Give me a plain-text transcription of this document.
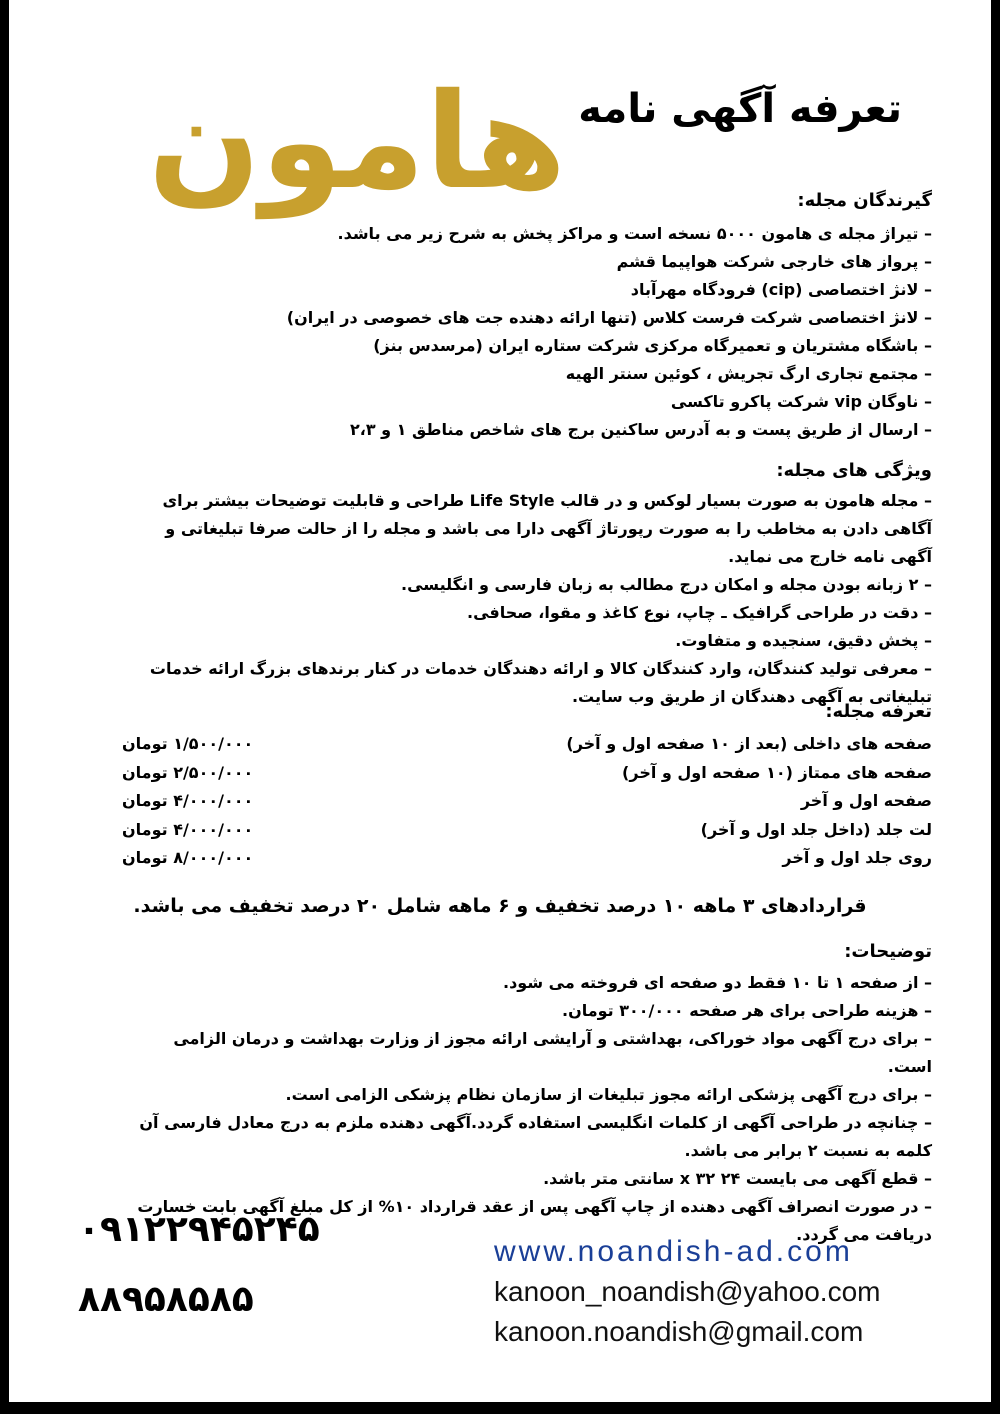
تعرفه آگهی نامه
هامون	گیرندگان مجله:
– تیراژ مجله ی هامون ۵۰۰۰ نسخه است و مراکز پخش به شرح زیر می باشد.
– پرواز های خارجی شرکت هواپیما قشم
– لانژ اختصاصی (cip) فرودگاه مهرآباد
– لانژ اختصاصی شرکت فرست کلاس (تنها ارائه دهنده جت های خصوصی در ایران)
– باشگاه مشتریان و تعمیرگاه مرکزی شرکت ستاره ایران (مرسدس بنز)
– مجتمع تجاری ارگ تجریش ، کوئین سنتر الهیه
– ناوگان vip شرکت پاکرو تاکسی
– ارسال از طریق پست و به آدرس ساکنین برج های شاخص مناطق ۱ و ۲،۳
ویژگی های مجله:
– مجله هامون به صورت بسیار لوکس و در قالب Life Style طراحی و قابلیت توضیحات بیشتر برای آگاهی دادن به مخاطب را به صورت رپورتاژ آگهی دارا می باشد و مجله را از حالت صرفا تبلیغاتی و آگهی نامه خارج می نماید.
– ۲ زبانه بودن مجله و امکان درج مطالب به زبان فارسی و انگلیسی.
– دقت در طراحی گرافیک ـ چاپ، نوع کاغذ و مقوا، صحافی.
– پخش دقیق، سنجیده و متفاوت.
– معرفی تولید کنندگان، وارد کنندگان کالا و ارائه دهندگان خدمات در کنار برندهای بزرگ ارائه خدمات تبلیغاتی به آگهی دهندگان از طریق وب سایت.
تعرفه مجله:
صفحه های داخلی (بعد از ۱۰ صفحه اول و آخر)
۱/۵۰۰/۰۰۰ تومان
صفحه های ممتاز (۱۰ صفحه اول و آخر)
۲/۵۰۰/۰۰۰ تومان
صفحه اول و آخر
۴/۰۰۰/۰۰۰ تومان
لت جلد (داخل جلد اول و آخر)
۴/۰۰۰/۰۰۰ تومان
روی جلد اول و آخر
۸/۰۰۰/۰۰۰ تومان
قراردادهای ۳ ماهه ۱۰ درصد تخفیف و ۶ ماهه شامل ۲۰ درصد تخفیف می باشد.
توضیحات:
– از صفحه ۱ تا ۱۰ فقط دو صفحه ای فروخته می شود.
– هزینه طراحی برای هر صفحه ۳۰۰/۰۰۰ تومان.
– برای درج آگهی مواد خوراکی، بهداشتی و آرایشی ارائه مجوز از وزارت بهداشت و درمان الزامی است.
– برای درج آگهی پزشکی ارائه مجوز تبلیغات از سازمان نظام پزشکی الزامی است.
– چنانچه در طراحی آگهی از کلمات انگلیسی استفاده گردد.آگهی دهنده ملزم به درج معادل فارسی آن کلمه به نسبت ۲ برابر می باشد.
– قطع آگهی می بایست ۲۴ x ۳۲ سانتی متر باشد.
– در صورت انصراف آگهی دهنده از چاپ آگهی پس از عقد قرارداد ۱۰% از کل مبلغ آگهی بابت خسارت دریافت می گردد.
۰۹۱۲۲۹۴۵۲۴۵
۸۸۹۵۸۵۸۵
www.noandish-ad.com
kanoon_noandish@yahoo.com
kanoon.noandish@gmail.com
